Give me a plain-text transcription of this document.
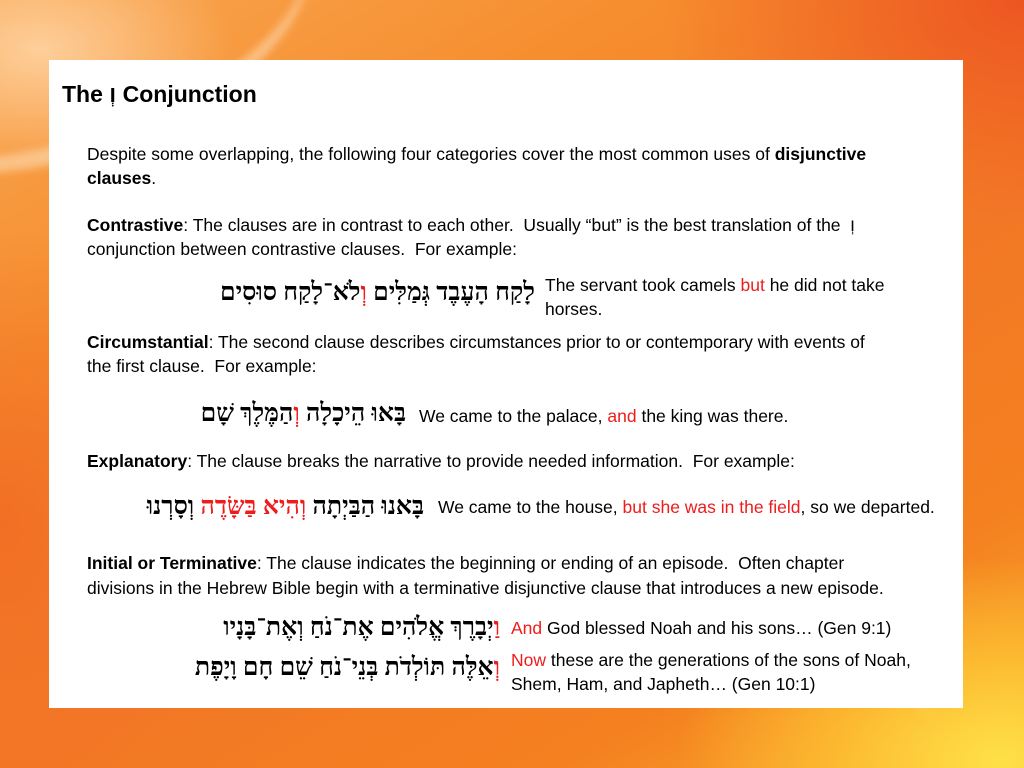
The וְ Conjunction
Despite some overlapping, the following four categories cover the most common uses of disjunctive
clauses.
Contrastive: The clauses are in contrast to each other.  Usually “but” is the best translation of the  וְ
conjunction between contrastive clauses.  For example:
לָקַח הָעֶבֶד גְּמַלִּים וְלֹא־לָקַח סוּסִים	The servant took camels but he did not take
horses.
Circumstantial: The second clause describes circumstances prior to or contemporary with events of
the first clause.  For example:
בָּאוּ הֵיכָלָה וְהַמֶּלֶךְ שָׁם	We came to the palace, and the king was there.
Explanatory: The clause breaks the narrative to provide needed information.  For example:
בָּאנוּ הַבַּיְתָה וְהִיא בַּשָּׂדֶה וְסָרְנוּ	We came to the house, but she was in the field, so we departed.
Initial or Terminative: The clause indicates the beginning or ending of an episode.  Often chapter
divisions in the Hebrew Bible begin with a terminative disjunctive clause that introduces a new episode.
וַיְבָרֶךְ אֱלֹהִים אֶת־נֹחַ וְאֶת־בָּנָיו And God blessed Noah and his sons… (Gen 9:1)
וְאֵלֶּה תּוֹלְדֹת בְּנֵי־נֹחַ שֵׁם חָם וָיָפֶת Now these are the generations of the sons of Noah,
Shem, Ham, and Japheth… (Gen 10:1)
